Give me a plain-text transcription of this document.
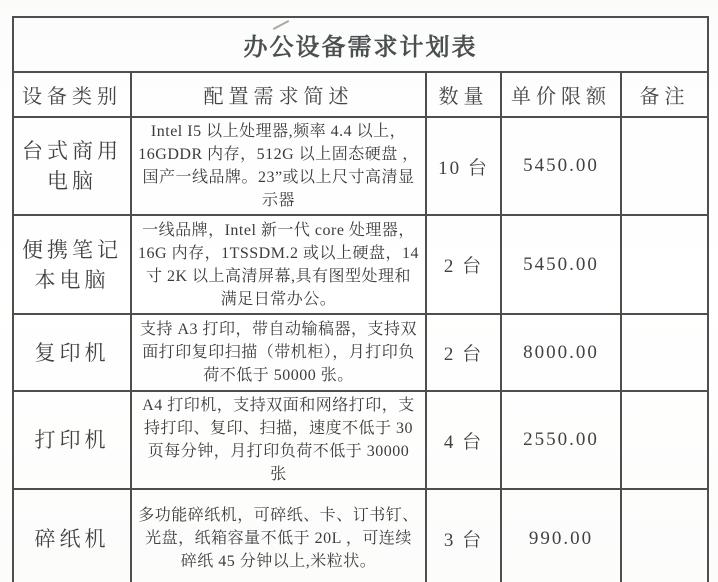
办公设备需求计划表				
设备类别	配置需求简述	数量	单价限额	备注
台式商用电脑	Intel I5 以上处理器,频率 4.4 以上，16GDDR 内存，512G 以上固态硬盘 ，国产一线品牌。23”或以上尺寸高清显示器	10 台	5450.00	
便携笔记本电脑	一线品牌，Intel 新一代 core 处理器，16G 内存，1TSSDM.2 或以上硬盘，14 寸 2K 以上高清屏幕,具有图型处理和满足日常办公。	2 台	5450.00	
复印机	支持 A3 打印，带自动输稿器，支持双面打印复印扫描（带机柜），月打印负荷不低于 50000 张。	2 台	8000.00	
打印机	A4 打印机，支持双面和网络打印，支持打印、复印、扫描，速度不低于 30 页每分钟，月打印负荷不低于 30000 张	4 台	2550.00	
碎纸机	多功能碎纸机，可碎纸、卡、订书钉、光盘，纸箱容量不低于 20L ，可连续碎纸 45 分钟以上,米粒状。	3 台	990.00	
